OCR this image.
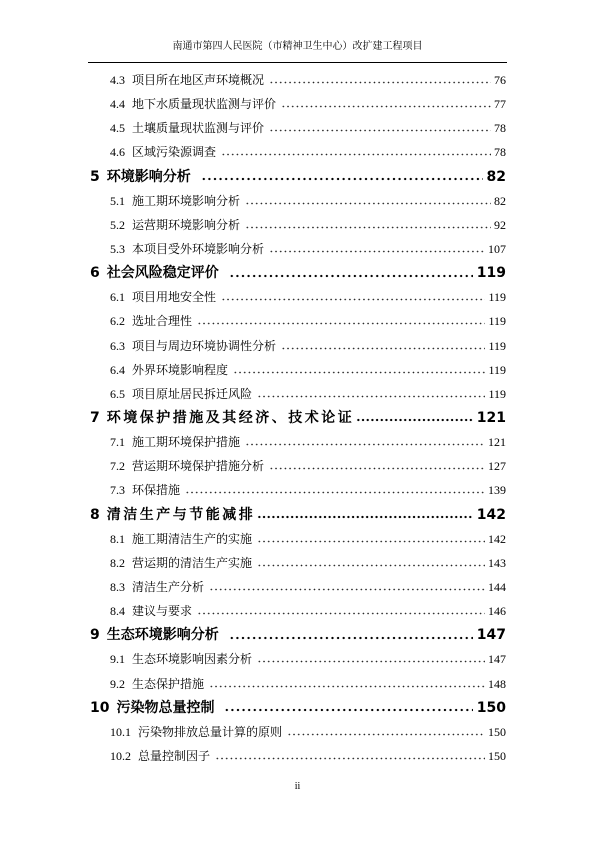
南通市第四人民医院（市精神卫生中心）改扩建工程项目
4.3 项目所在地区声环境概况	76
4.4 地下水质量现状监测与评价	77
4.5 土壤质量现状监测与评价	78
4.6 区域污染源调查	78
5 环境影响分析	82
5.1 施工期环境影响分析	82
5.2 运营期环境影响分析	92
5.3 本项目受外环境影响分析	107
6 社会风险稳定评价	119
6.1 项目用地安全性	119
6.2 选址合理性	119
6.3 项目与周边环境协调性分析	119
6.4 外界环境影响程度	119
6.5 项目原址居民拆迁风险	119
7 环境保护措施及其经济、技术论证	121
7.1 施工期环境保护措施	121
7.2 营运期环境保护措施分析	127
7.3 环保措施	139
8 清洁生产与节能减排	142
8.1 施工期清洁生产的实施	142
8.2 营运期的清洁生产实施	143
8.3 清洁生产分析	144
8.4 建议与要求	146
9 生态环境影响分析	147
9.1 生态环境影响因素分析	147
9.2 生态保护措施	148
10 污染物总量控制	150
10.1 污染物排放总量计算的原则	150
10.2 总量控制因子	150
ii
